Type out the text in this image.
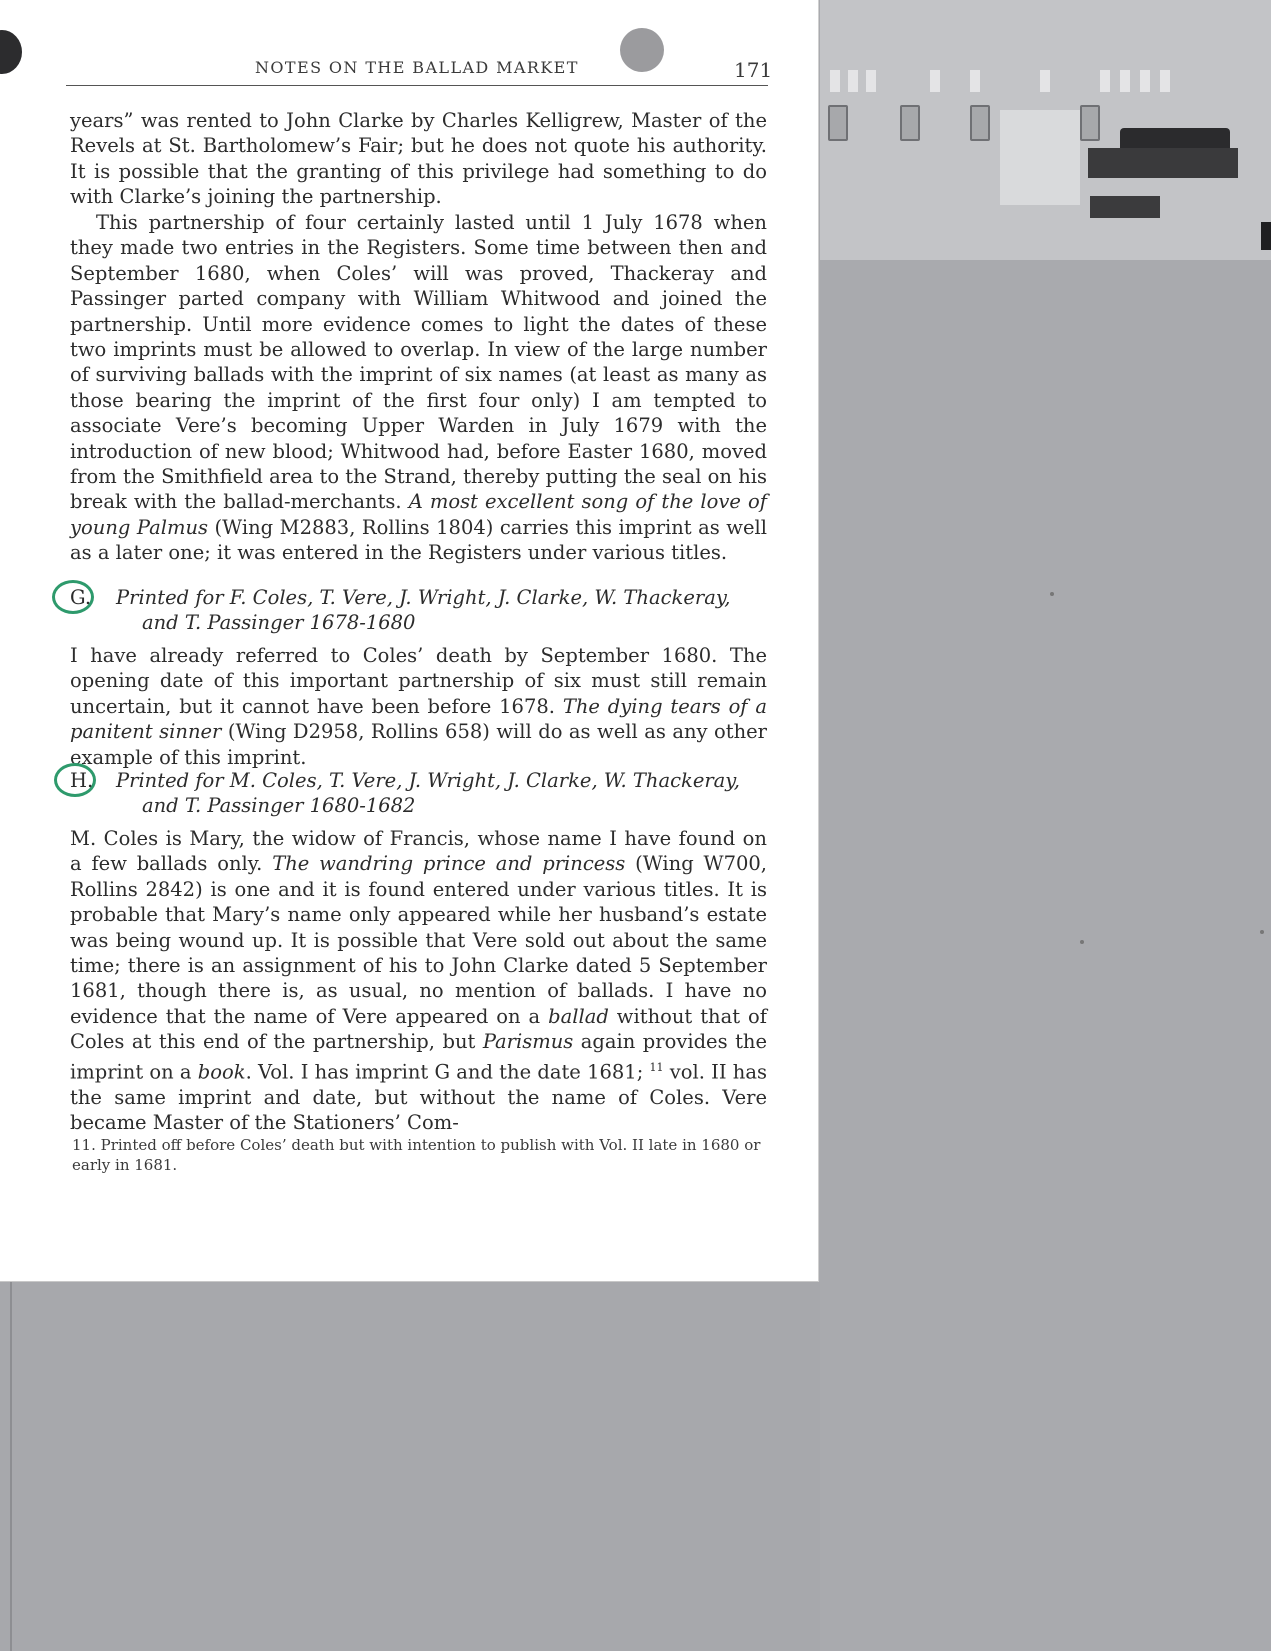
NOTES ON THE BALLAD MARKET	171

years” was rented to John Clarke by Charles Kelligrew, Master of the Revels at St. Bartholomew’s Fair; but he does not quote his authority. It is possible that the granting of this privilege had something to do with Clarke’s joining the partnership.

This partnership of four certainly lasted until 1 July 1678 when they made two entries in the Registers. Some time between then and September 1680, when Coles’ will was proved, Thackeray and Passinger parted company with William Whitwood and joined the partnership. Until more evidence comes to light the dates of these two imprints must be allowed to overlap. In view of the large number of surviving ballads with the imprint of six names (at least as many as those bearing the imprint of the first four only) I am tempted to associate Vere’s becoming Upper Warden in July 1679 with the introduction of new blood; Whitwood had, before Easter 1680, moved from the Smithfield area to the Strand, thereby putting the seal on his break with the ballad-merchants. A most excellent song of the love of young Palmus (Wing M2883, Rollins 1804) carries this imprint as well as a later one; it was entered in the Registers under various titles.

G. Printed for F. Coles, T. Vere, J. Wright, J. Clarke, W. Thackeray,
and T. Passinger 1678-1680

I have already referred to Coles’ death by September 1680. The opening date of this important partnership of six must still remain uncertain, but it cannot have been before 1678. The dying tears of a panitent sinner (Wing D2958, Rollins 658) will do as well as any other example of this imprint.

H. Printed for M. Coles, T. Vere, J. Wright, J. Clarke, W. Thackeray,
and T. Passinger 1680-1682

M. Coles is Mary, the widow of Francis, whose name I have found on a few ballads only. The wandring prince and princess (Wing W700, Rollins 2842) is one and it is found entered under various titles. It is probable that Mary’s name only appeared while her husband’s estate was being wound up. It is possible that Vere sold out about the same time; there is an assignment of his to John Clarke dated 5 September 1681, though there is, as usual, no mention of ballads. I have no evidence that the name of Vere appeared on a ballad without that of Coles at this end of the partnership, but Parismus again provides the imprint on a book. Vol. I has imprint G and the date 1681; $^{11}$ vol. II has the same imprint and date, but without the name of Coles. Vere became Master of the Stationers’ Com-

11. Printed off before Coles’ death but with intention to publish with Vol. II late in 1680 or early in 1681.
